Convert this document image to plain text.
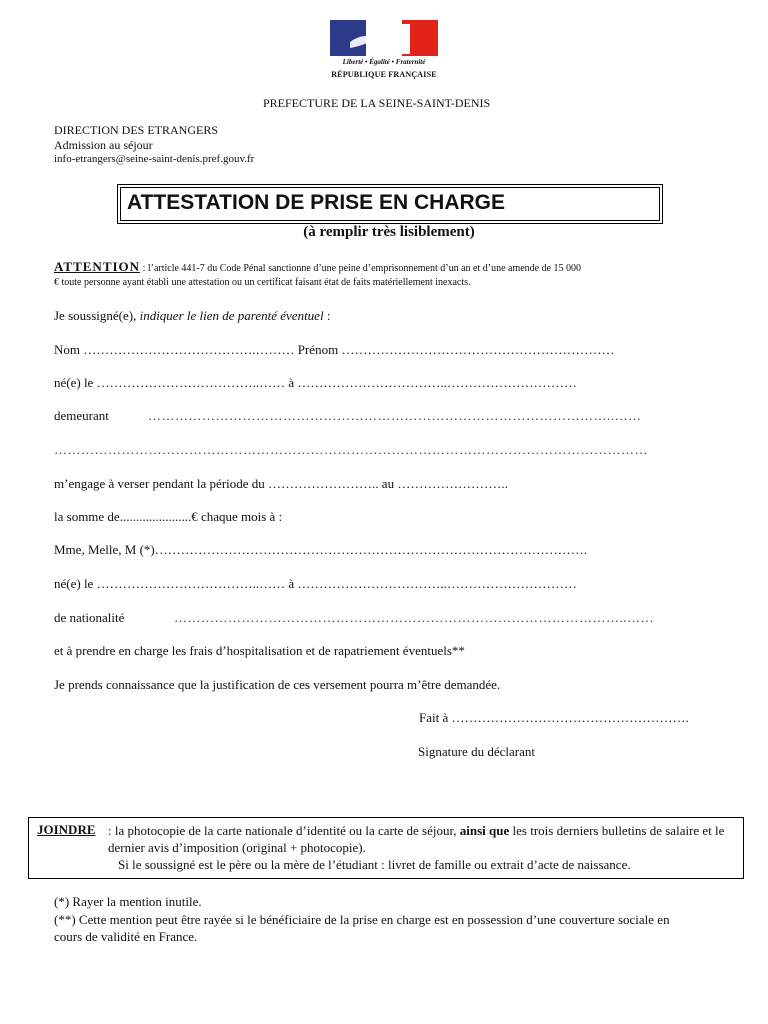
Liberté • Égalité • Fraternité
RÉPUBLIQUE FRANÇAISE
PREFECTURE DE LA SEINE-SAINT-DENIS
DIRECTION DES ETRANGERS
Admission au séjour
info-etrangers@seine-saint-denis.pref.gouv.fr
ATTESTATION DE PRISE EN CHARGE
(à remplir très lisiblement)
ATTENTION : l’article 441-7 du Code Pénal sanctionne d’une peine d’emprisonnement d’un an et d’une amende de 15 000
€ toute personne ayant établi une attestation ou un certificat faisant état de faits matériellement inexacts.
Je soussigné(e), indiquer le lien de parenté éventuel :
Nom ………………………………….……… Prénom ………………………………………………………
né(e) le ………………………………..…… à ……………………………..…………………………
demeurant	…………………………………………………………………………………………..……
……………………………………………………………………………………………………………………
m’engage à verser pendant la période du …………………….. au ……………………..
la somme de......................€ chaque mois à :
Mme, Melle, M (*)……………………………………………………………………………………….
né(e) le ………………………………..…… à ……………………………..…………………………
de nationalité	………………………………………………………………………………………..……
et à prendre en charge les frais d’hospitalisation et de rapatriement éventuels**
Je prends connaissance que la justification de ces versement pourra m’être demandée.
Fait à ……………………………………………….
Signature du déclarant
JOINDRE : la photocopie de la carte nationale d’identité ou la carte de séjour, ainsi que les trois derniers bulletins de salaire et le dernier avis d’imposition (original + photocopie).
Si le soussigné est le père ou la mère de l’étudiant : livret de famille ou extrait d’acte de naissance.
(*) Rayer la mention inutile.
(**) Cette mention peut être rayée si le bénéficiaire de la prise en charge est en possession d’une couverture sociale en cours de validité en France.
